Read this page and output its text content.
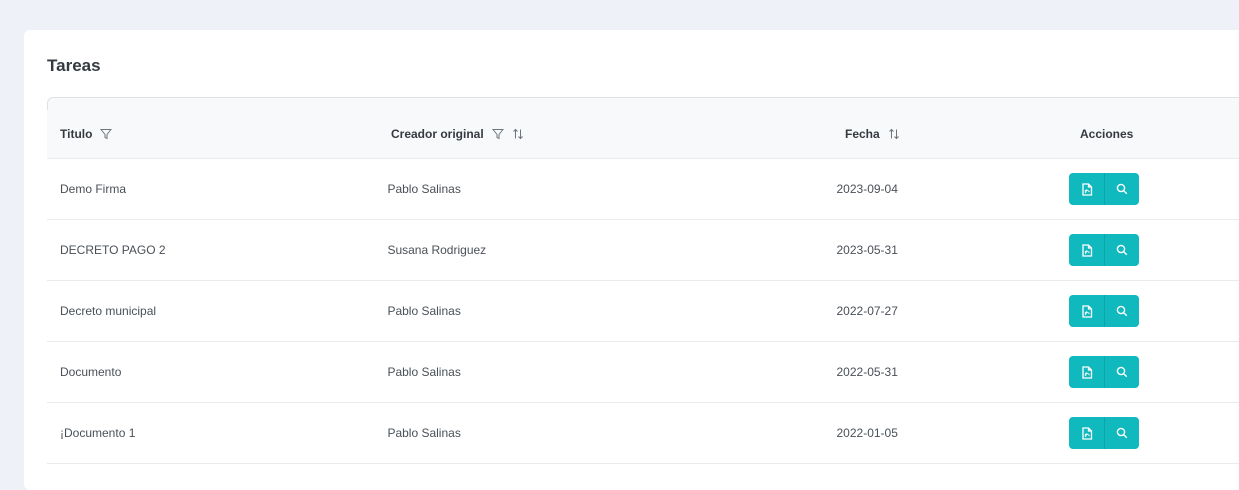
Tareas
Titulo	Creador original	Fecha	Acciones
Demo Firma	Pablo Salinas	2023-09-04
DECRETO PAGO 2	Susana Rodriguez	2023-05-31
Decreto municipal	Pablo Salinas	2022-07-27
Documento	Pablo Salinas	2022-05-31
¡Documento 1	Pablo Salinas	2022-01-05
